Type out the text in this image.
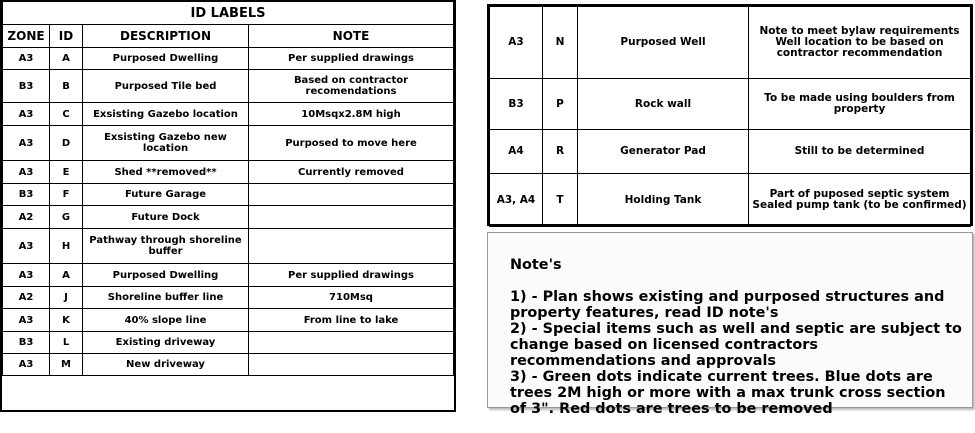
ID LABELS			
ZONE	ID	DESCRIPTION	NOTE
A3	A	Purposed Dwelling	Per supplied drawings
B3	B	Purposed Tile bed	Based on contractor recomendations
A3	C	Exsisting Gazebo location	10Msqx2.8M high
A3	D	Exsisting Gazebo new location	Purposed to move here
A3	E	Shed **removed**	Currently removed
B3	F	Future Garage	
A2	G	Future Dock	
A3	H	Pathway through shoreline buffer	
A3	A	Purposed Dwelling	Per supplied drawings
A2	J	Shoreline buffer line	710Msq
A3	K	40% slope line	From line to lake
B3	L	Existing driveway	
A3	M	New driveway	
A3	N	Purposed Well	Note to meet bylaw requirements Well location to be based on contractor recommendation
B3	P	Rock wall	To be made using boulders from property
A4	R	Generator Pad	Still to be determined
A3, A4	T	Holding Tank	Part of puposed septic system Sealed pump tank (to be confirmed)

Note's

1) - Plan shows existing and purposed structures and property features, read ID note's
2) - Special items such as well and septic are subject to change based on licensed contractors recommendations and approvals
3) - Green dots indicate current trees. Blue dots are trees 2M high or more with a max trunk cross section of 3". Red dots are trees to be removed
